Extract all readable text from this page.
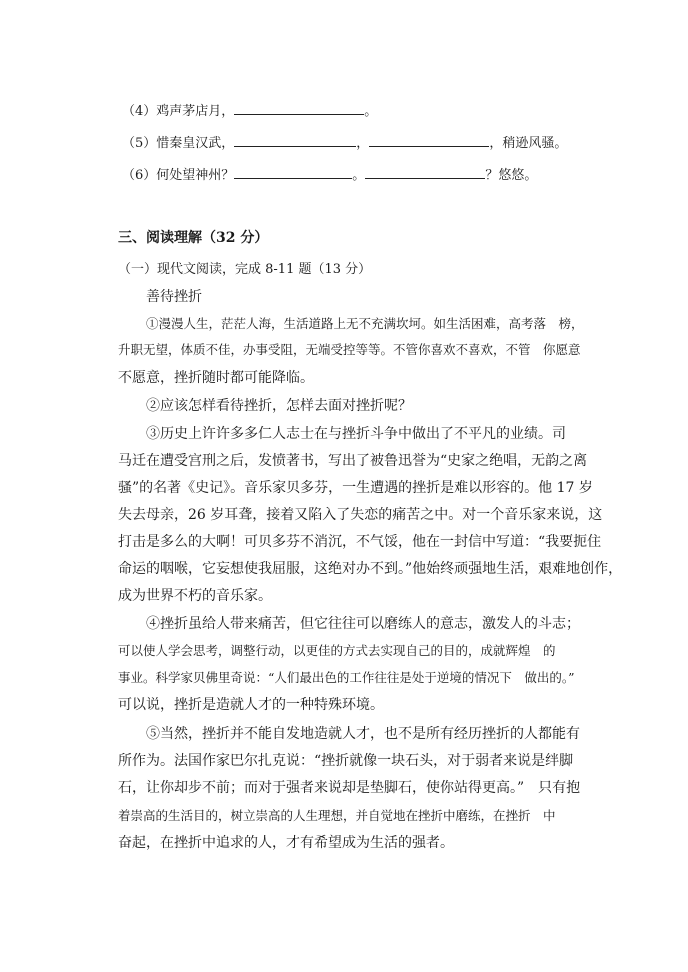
（4）鸡声茅店月，	。
（5）惜秦皇汉武，	，	，稍逊风骚。
（6）何处望神州？	。	？悠悠。
三、阅读理解（32 分）
（一）现代文阅读，完成 8-11 题（13 分）
善待挫折
①漫漫人生，茫茫人海，生活道路上无不充满坎坷。如生活困难，高考落　榜，
升职无望，体质不佳，办事受阻，无端受控等等。不管你喜欢不喜欢，不管　你愿意
不愿意，挫折随时都可能降临。
②应该怎样看待挫折，怎样去面对挫折呢？
③历史上许许多多仁人志士在与挫折斗争中做出了不平凡的业绩。司
马迁在遭受宫刑之后，发愤著书，写出了被鲁迅誉为“史家之绝唱，无韵之离
骚”的名著《史记》。音乐家贝多芬，一生遭遇的挫折是难以形容的。他 17 岁
失去母亲，26 岁耳聋，接着又陷入了失恋的痛苦之中。对一个音乐家来说，这
打击是多么的大啊！可贝多芬不消沉，不气馁，他在一封信中写道：“我要扼住
命运的咽喉，它妄想使我屈服，这绝对办不到。”他始终顽强地生活，艰难地创作，
成为世界不朽的音乐家。
④挫折虽给人带来痛苦，但它往往可以磨练人的意志，激发人的斗志；
可以使人学会思考，调整行动，以更佳的方式去实现自己的目的，成就辉煌　的
事业。科学家贝佛里奇说：“人们最出色的工作往往是处于逆境的情况下　做出的。”
可以说，挫折是造就人才的一种特殊环境。
⑤当然，挫折并不能自发地造就人才，也不是所有经历挫折的人都能有
所作为。法国作家巴尔扎克说：“挫折就像一块石头，对于弱者来说是绊脚
石，让你却步不前；而对于强者来说却是垫脚石，使你站得更高。”　只有抱
着崇高的生活目的，树立崇高的人生理想，并自觉地在挫折中磨练，在挫折　中
奋起，在挫折中追求的人，才有希望成为生活的强者。
